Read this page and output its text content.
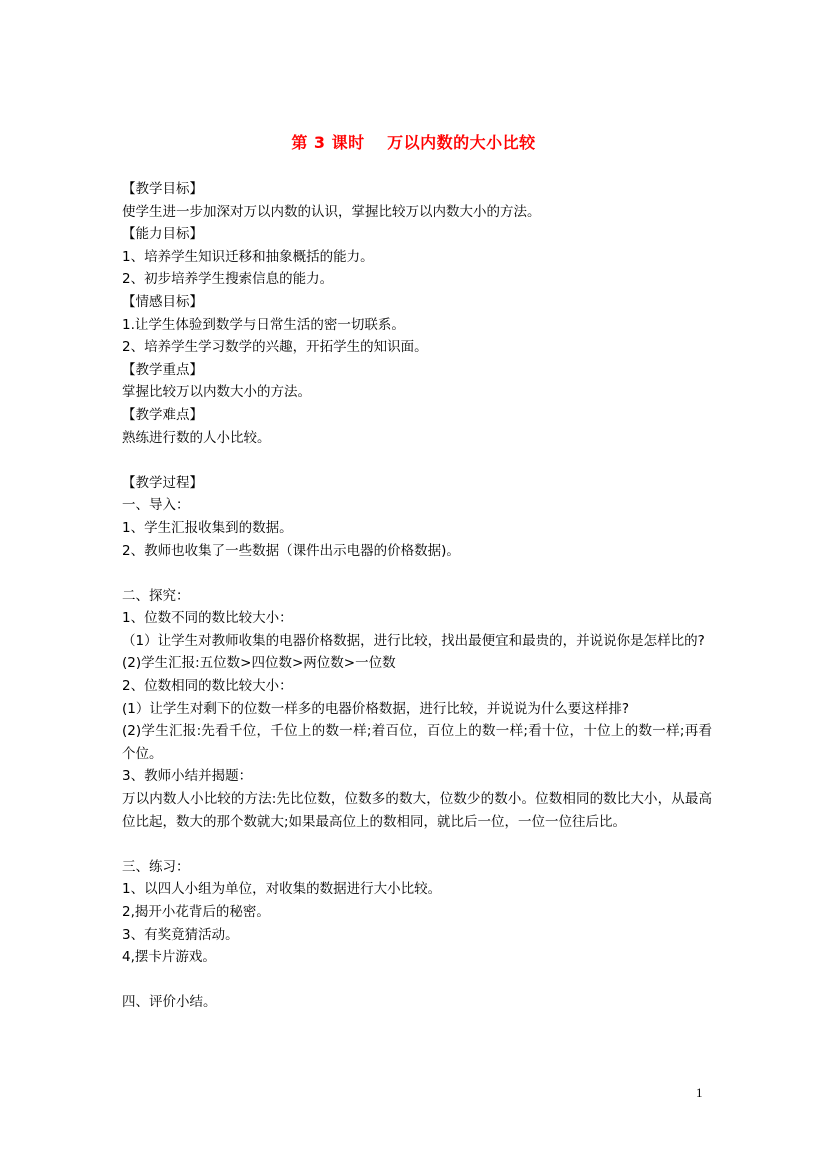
第 3 课时　 万以内数的大小比较
【教学目标】
使学生进一步加深对万以内数的认识，掌握比较万以内数大小的方法。
【能力目标】
1、培养学生知识迁移和抽象概括的能力。
2、初步培养学生搜索信息的能力。
【情感目标】
1.让学生体验到数学与日常生活的密一切联系。
2、培养学生学习数学的兴趣，开拓学生的知识面。
【教学重点】
掌握比较万以内数大小的方法。
【教学难点】
熟练进行数的人小比较。
【教学过程】
一、导入：
1、学生汇报收集到的数据。
2、教师也收集了一些数据（课件出示电器的价格数据)。
二、探究：
1、位数不同的数比较大小：
（1）让学生对教师收集的电器价格数据，进行比较，找出最便宜和最贵的，并说说你是怎样比的?
(2)学生汇报:五位数>四位数>两位数>一位数
2、位数相同的数比较大小：
(1）让学生对剩下的位数一样多的电器价格数据，进行比较，并说说为什么要这样排?
(2)学生汇报:先看千位，千位上的数一样;着百位，百位上的数一样;看十位，十位上的数一样;再看个位。
3、教师小结并揭题：
万以内数人小比较的方法:先比位数，位数多的数大，位数少的数小。位数相同的数比大小，从最高位比起，数大的那个数就大;如果最高位上的数相同，就比后一位，一位一位往后比。
三、练习：
1、以四人小组为单位，对收集的数据进行大小比较。
2,揭开小花背后的秘密。
3、有奖竟猜活动。
4,摆卡片游戏。
四、评价小结。
1
